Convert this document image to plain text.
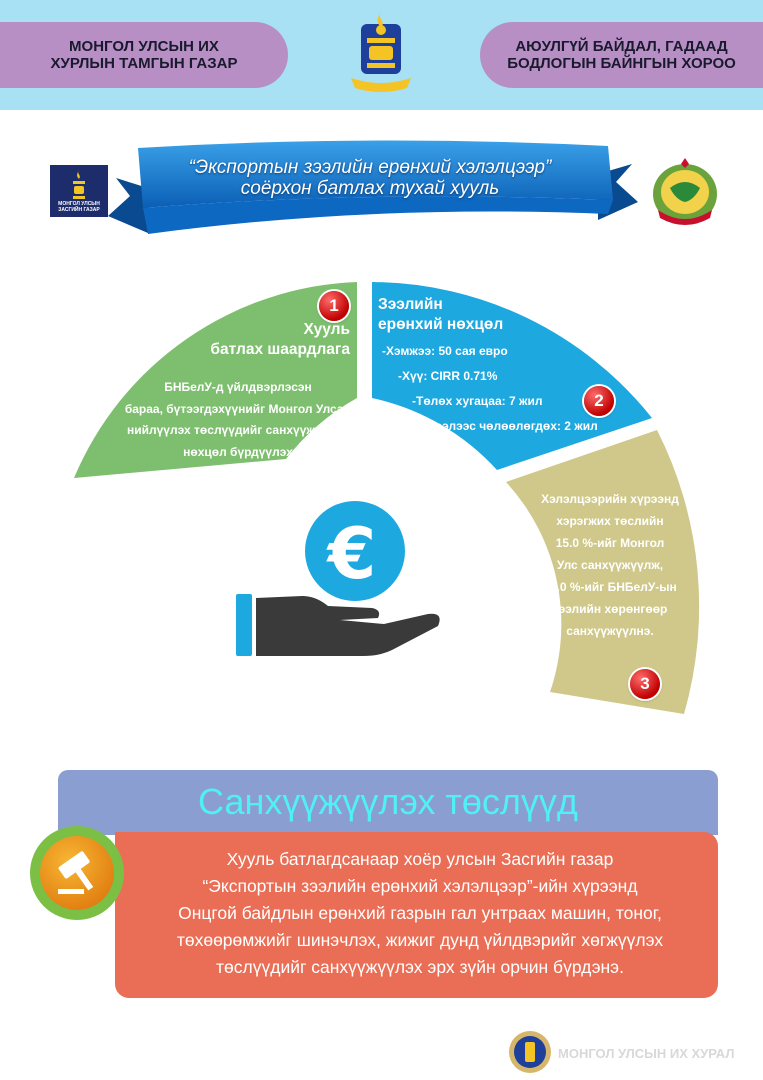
МОНГОЛ УЛСЫН ИХ
ХУРЛЫН ТАМГЫН ГАЗАР
АЮУЛГҮЙ БАЙДАЛ, ГАДААД
БОДЛОГЫН БАЙНГЫН ХОРОО
МОНГОЛ УЛСЫН
ЗАСГИЙН ГАЗАР
“Экспортын зээлийн ерөнхий хэлэлцээр”
соёрхон батлах тухай хууль
Хууль
батлах шаардлага
БНБелУ-д үйлдвэрлэсэн
бараа, бүтээгдэхүүнийг Монгол Улсад
нийлүүлэх төслүүдийг санхүүжүүлэх
нөхцөл бүрдүүлэх
Зээлийн
ерөнхий нөхцөл
-Хэмжээ: 50 сая евро
-Хүү: CIRR 0.71%
-Төлөх хугацаа: 7 жил
-Зээлээс чөлөөлөгдөх: 2 жил
Хэлэлцээрийн хүрээнд
хэрэгжих төслийн
15.0 %-ийг Монгол
Улс санхүүжүүлж,
85.0 %-ийг БНБелУ-ын
зээлийн хөрөнгөөр
санхүүжүүлнэ.
1
2
3
€
Санхүүжүүлэх төслүүд
Хууль батлагдсанаар хоёр улсын Засгийн газар
“Экспортын зээлийн ерөнхий хэлэлцээр”-ийн хүрээнд
Онцгой байдлын ерөнхий газрын гал унтраах машин, тоног,
төхөөрөмжийг шинэчлэх, жижиг дунд үйлдвэрийг хөгжүүлэх
төслүүдийг санхүүжүүлэх эрх зүйн орчин бүрдэнэ.
МОНГОЛ УЛСЫН ИХ ХУРАЛ
